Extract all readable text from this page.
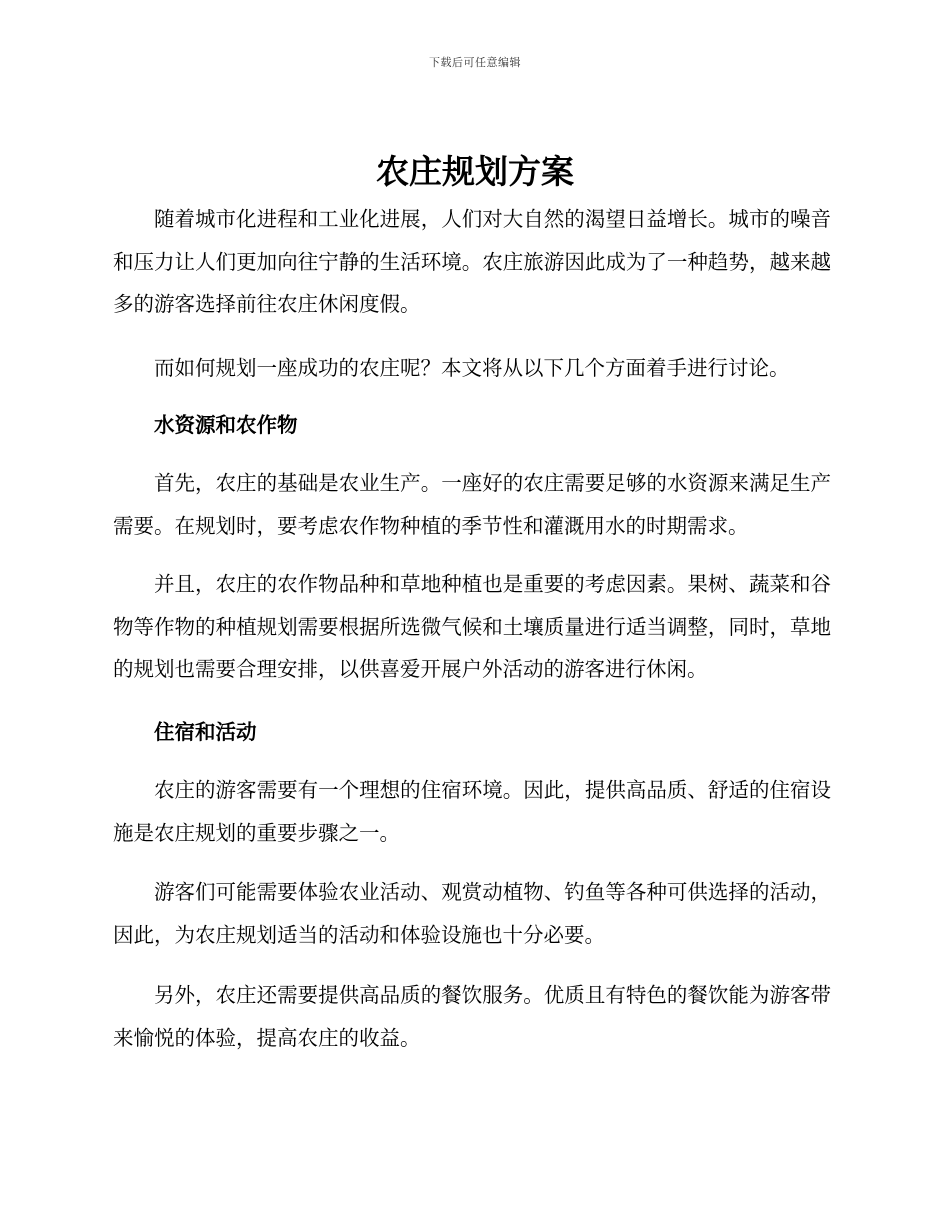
下载后可任意编辑
农庄规划方案

随着城市化进程和工业化进展，人们对大自然的渴望日益增长。城市的噪音和压力让人们更加向往宁静的生活环境。农庄旅游因此成为了一种趋势，越来越多的游客选择前往农庄休闲度假。

而如何规划一座成功的农庄呢？本文将从以下几个方面着手进行讨论。

水资源和农作物

首先，农庄的基础是农业生产。一座好的农庄需要足够的水资源来满足生产需要。在规划时，要考虑农作物种植的季节性和灌溉用水的时期需求。

并且，农庄的农作物品种和草地种植也是重要的考虑因素。果树、蔬菜和谷物等作物的种植规划需要根据所选微气候和土壤质量进行适当调整，同时，草地的规划也需要合理安排，以供喜爱开展户外活动的游客进行休闲。

住宿和活动

农庄的游客需要有一个理想的住宿环境。因此，提供高品质、舒适的住宿设施是农庄规划的重要步骤之一。

游客们可能需要体验农业活动、观赏动植物、钓鱼等各种可供选择的活动，因此，为农庄规划适当的活动和体验设施也十分必要。

另外，农庄还需要提供高品质的餐饮服务。优质且有特色的餐饮能为游客带来愉悦的体验，提高农庄的收益。
